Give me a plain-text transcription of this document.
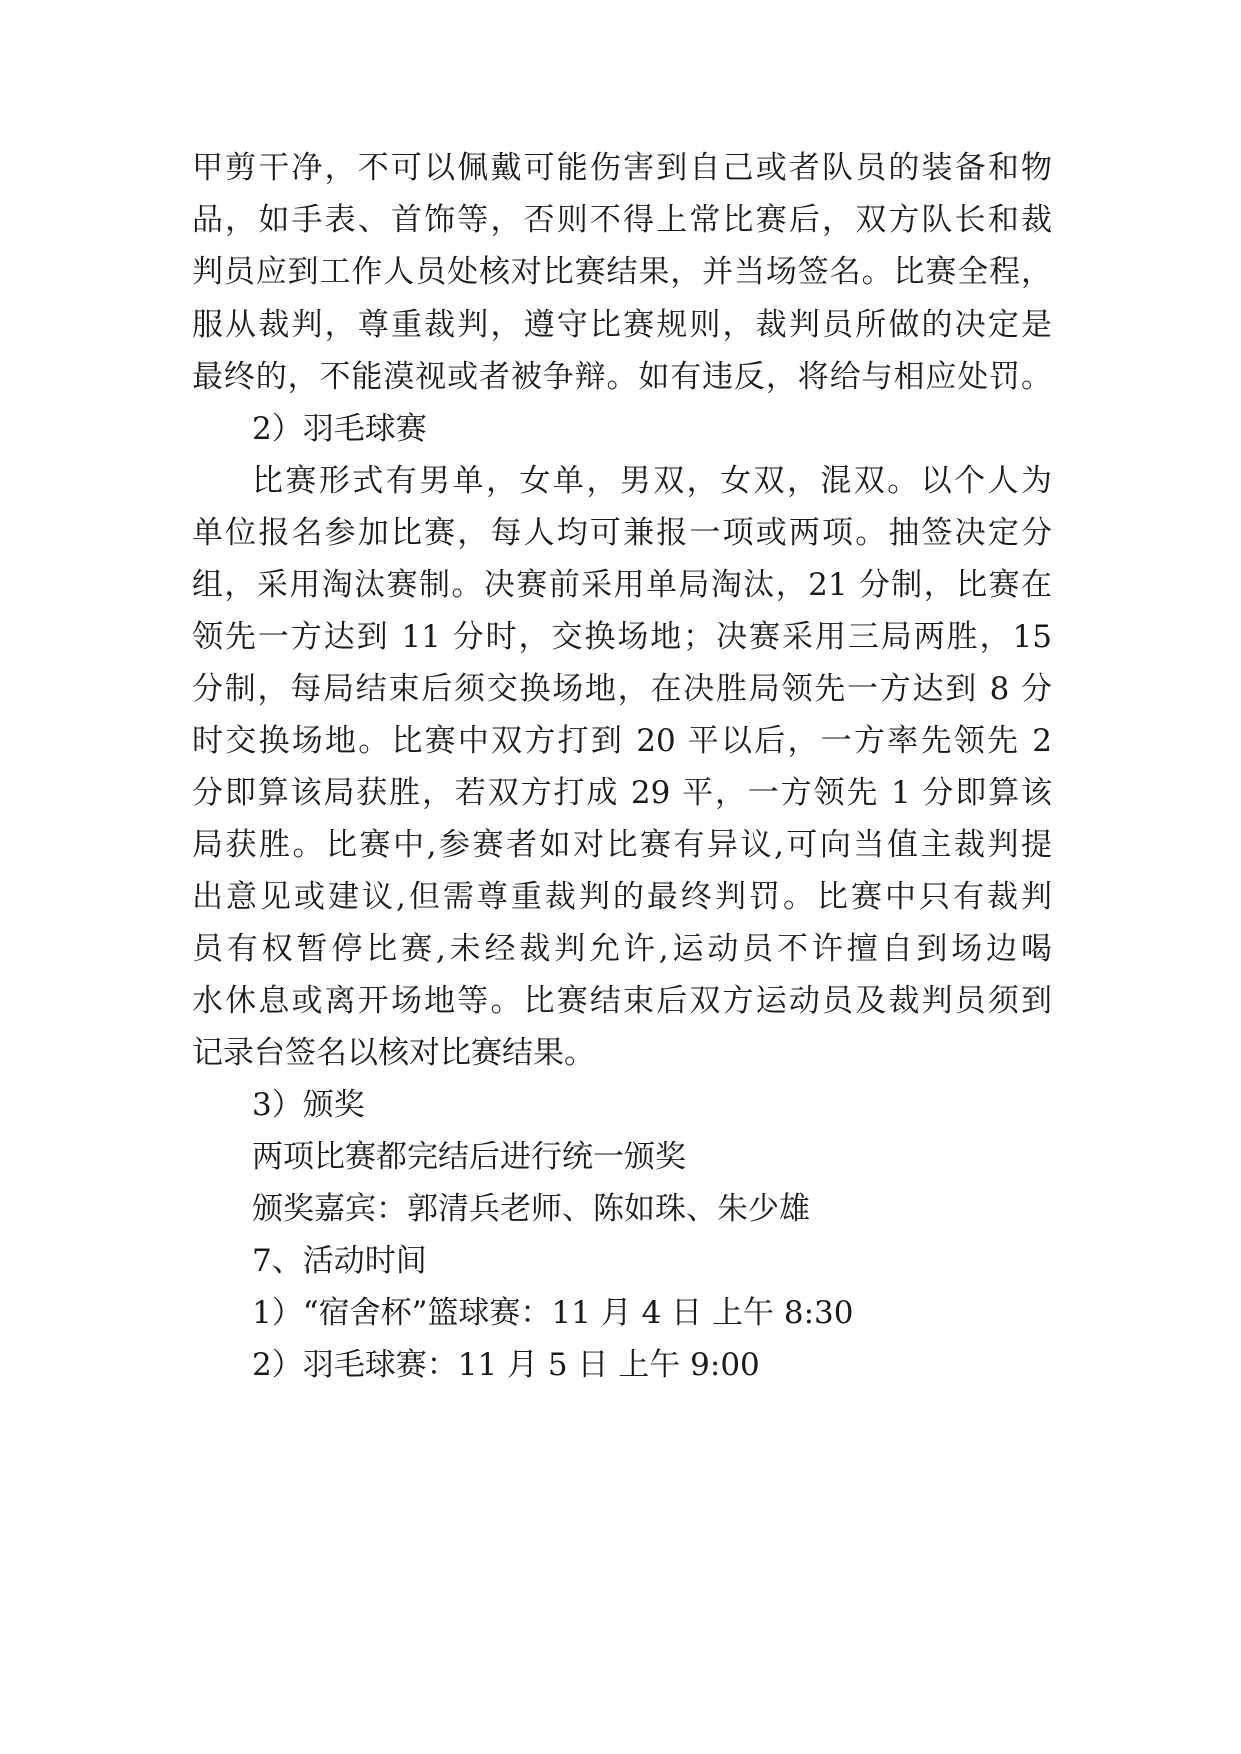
甲剪干净，不可以佩戴可能伤害到自己或者队员的装备和物
品，如手表、首饰等，否则不得上常比赛后，双方队长和裁
判员应到工作人员处核对比赛结果，并当场签名。比赛全程，
服从裁判，尊重裁判，遵守比赛规则，裁判员所做的决定是
最终的，不能漠视或者被争辩。如有违反，将给与相应处罚。
2）羽毛球赛
比赛形式有男单，女单，男双，女双，混双。以个人为
单位报名参加比赛，每人均可兼报一项或两项。抽签决定分
组，采用淘汰赛制。决赛前采用单局淘汰，21 分制，比赛在
领先一方达到 11 分时，交换场地；决赛采用三局两胜，15
分制，每局结束后须交换场地，在决胜局领先一方达到 8 分
时交换场地。比赛中双方打到 20 平以后，一方率先领先 2
分即算该局获胜，若双方打成 29 平，一方领先 1 分即算该
局获胜。比赛中,参赛者如对比赛有异议,可向当值主裁判提
出意见或建议,但需尊重裁判的最终判罚。比赛中只有裁判
员有权暂停比赛,未经裁判允许,运动员不许擅自到场边喝
水休息或离开场地等。比赛结束后双方运动员及裁判员须到
记录台签名以核对比赛结果。
3）颁奖
两项比赛都完结后进行统一颁奖
颁奖嘉宾：郭清兵老师、陈如珠、朱少雄
7、活动时间
1）“宿舍杯”篮球赛：11 月 4 日 上午 8:30
2）羽毛球赛：11 月 5 日 上午 9:00
